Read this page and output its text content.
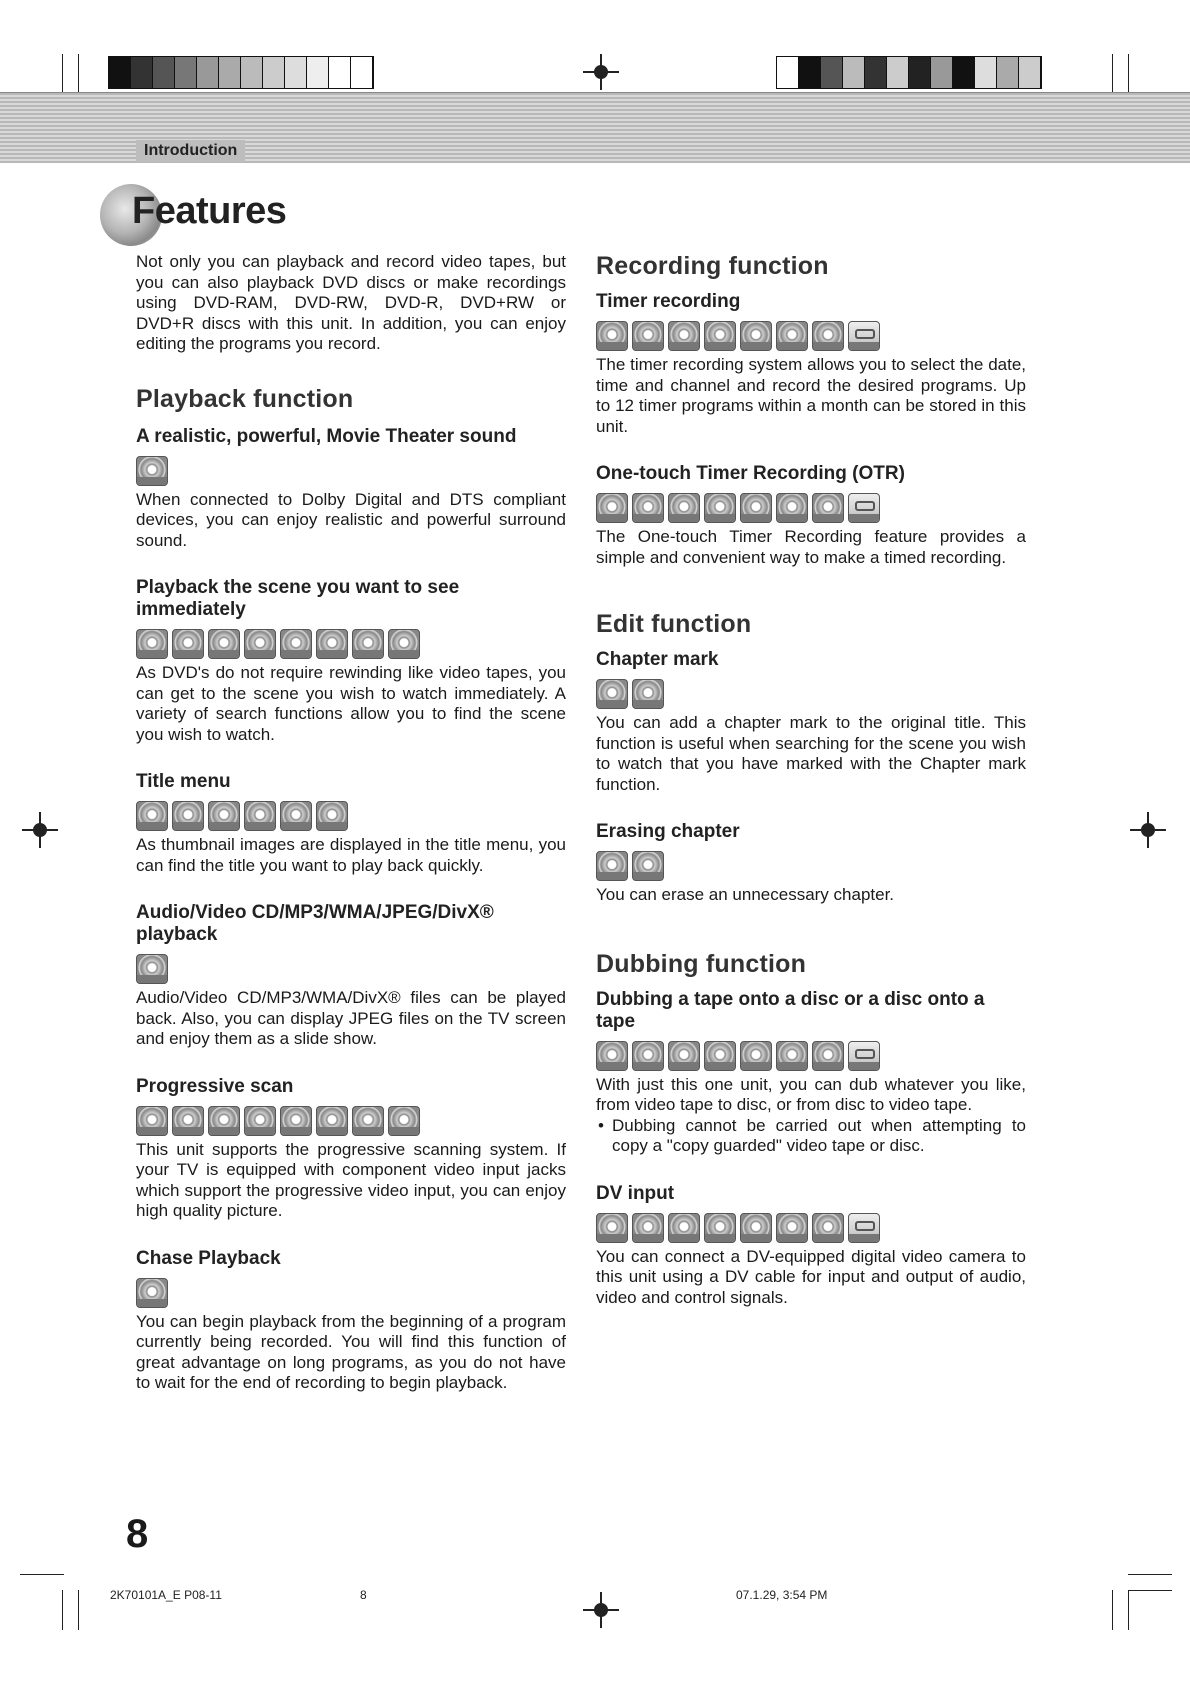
Introduction
Features

Not only you can playback and record video tapes, but you can also playback DVD discs or make recordings using DVD-RAM, DVD-RW, DVD-R, DVD+RW or DVD+R discs with this unit. In addition, you can enjoy editing the programs you record.

Playback function
A realistic, powerful, Movie Theater sound

When connected to Dolby Digital and DTS compliant devices, you can enjoy realistic and powerful surround sound.

Playback the scene you want to see immediately

As DVD's do not require rewinding like video tapes, you can get to the scene you wish to watch immediately. A variety of search functions allow you to find the scene you wish to watch.

Title menu

As thumbnail images are displayed in the title menu, you can find the title you want to play back quickly.

Audio/Video CD/MP3/WMA/JPEG/DivX® playback

Audio/Video CD/MP3/WMA/DivX® files can be played back. Also, you can display JPEG files on the TV screen and enjoy them as a slide show.

Progressive scan

This unit supports the progressive scanning system. If your TV is equipped with component video input jacks which support the progressive video input, you can enjoy high quality picture.

Chase Playback

You can begin playback from the beginning of a program currently being recorded. You will find this function of great advantage on long programs, as you do not have to wait for the end of recording to begin playback.

Recording function
Timer recording

The timer recording system allows you to select the date, time and channel and record the desired programs. Up to 12 timer programs within a month can be stored in this unit.

One-touch Timer Recording (OTR)

The One-touch Timer Recording feature provides a simple and convenient way to make a timed recording.

Edit function
Chapter mark

You can add a chapter mark to the original title. This function is useful when searching for the scene you wish to watch that you have marked with the Chapter mark function.

Erasing chapter

You can erase an unnecessary chapter.

Dubbing function
Dubbing a tape onto a disc or a disc onto a tape

With just this one unit, you can dub whatever you like, from video tape to disc, or from disc to video tape.

• Dubbing cannot be carried out when attempting to copy a "copy guarded" video tape or disc.
DV input

You can connect a DV-equipped digital video camera to this unit using a DV cable for input and output of audio, video and control signals.

8
2K70101A_E P08-11	8	07.1.29, 3:54 PM
